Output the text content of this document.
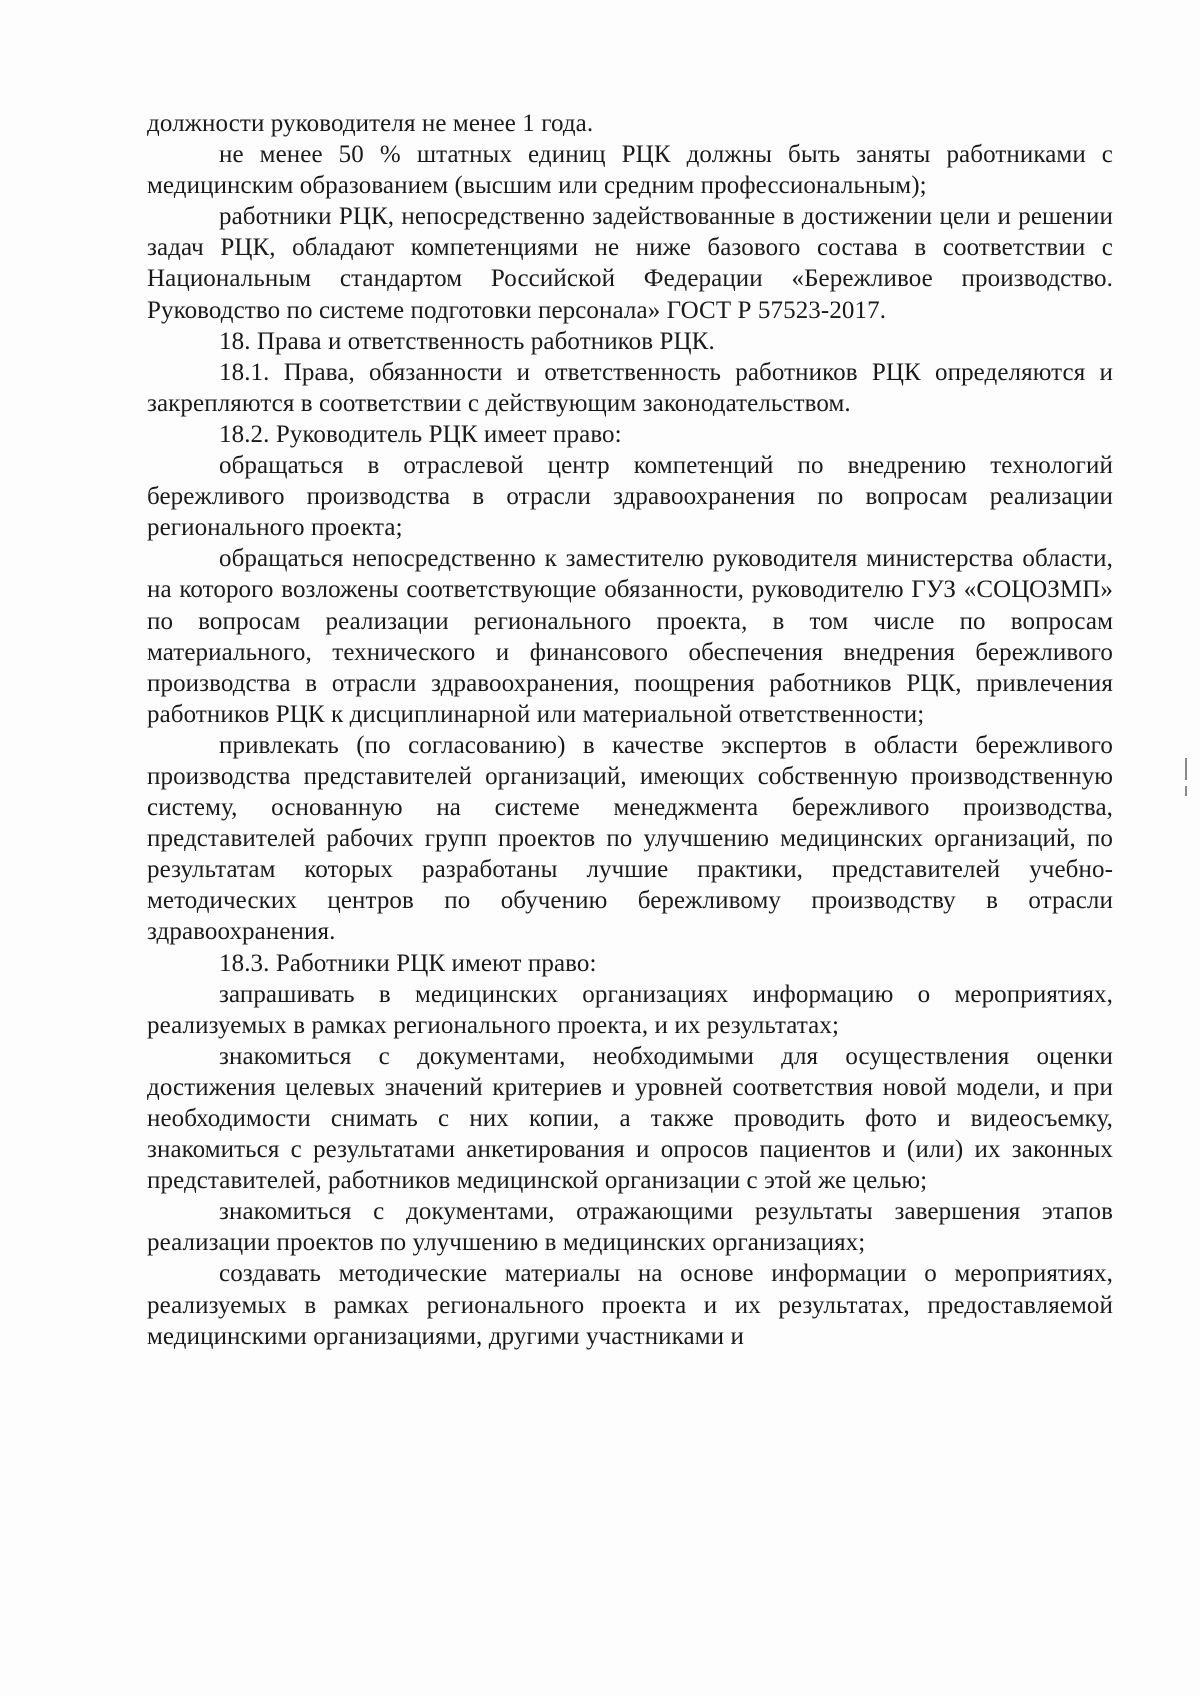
должности руководителя не менее 1 года.

не менее 50 % штатных единиц РЦК должны быть заняты работниками с медицинским образованием (высшим или средним профессиональным);

работники РЦК, непосредственно задействованные в достижении цели и решении задач РЦК, обладают компетенциями не ниже базового состава в соответствии с Национальным стандартом Российской Федерации «Бережливое производство. Руководство по системе подготовки персонала» ГОСТ Р 57523-2017.

18. Права и ответственность работников РЦК.

18.1. Права, обязанности и ответственность работников РЦК определяются и закрепляются в соответствии с действующим законодательством.

18.2. Руководитель РЦК имеет право:

обращаться в отраслевой центр компетенций по внедрению технологий бережливого производства в отрасли здравоохранения по вопросам реализации регионального проекта;

обращаться непосредственно к заместителю руководителя министерства области, на которого возложены соответствующие обязанности, руководителю ГУЗ «СОЦОЗМП» по вопросам реализации регионального проекта, в том числе по вопросам материального, технического и финансового обеспечения внедрения бережливого производства в отрасли здравоохранения, поощрения работников РЦК, привлечения работников РЦК к дисциплинарной или материальной ответственности;

привлекать (по согласованию) в качестве экспертов в области бережливого производства представителей организаций, имеющих собственную производственную систему, основанную на системе менеджмента бережливого производства, представителей рабочих групп проектов по улучшению медицинских организаций, по результатам которых разработаны лучшие практики, представителей учебно-методических центров по обучению бережливому производству в отрасли здравоохранения.

18.3. Работники РЦК имеют право:

запрашивать в медицинских организациях информацию о мероприятиях, реализуемых в рамках регионального проекта, и их результатах;

знакомиться с документами, необходимыми для осуществления оценки достижения целевых значений критериев и уровней соответствия новой модели, и при необходимости снимать с них копии, а также проводить фото и видеосъемку, знакомиться с результатами анкетирования и опросов пациентов и (или) их законных представителей, работников медицинской организации с этой же целью;

знакомиться с документами, отражающими результаты завершения этапов реализации проектов по улучшению в медицинских организациях;

создавать методические материалы на основе информации о мероприятиях, реализуемых в рамках регионального проекта и их результатах, предоставляемой медицинскими организациями, другими участниками и
